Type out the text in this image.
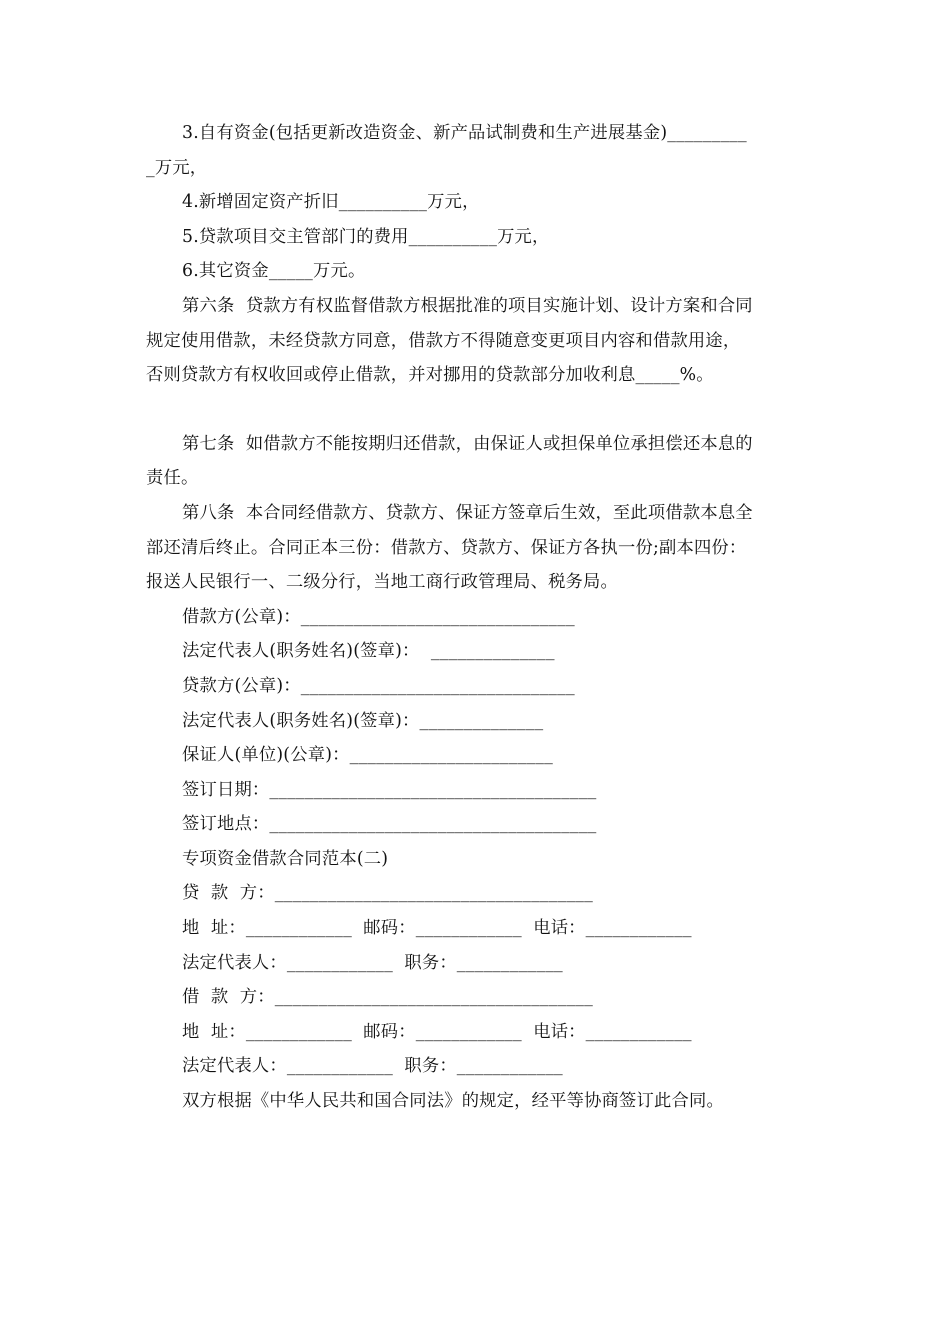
3.自有资金(包括更新改造资金、新产品试制费和生产进展基金)_________
_万元，
4.新增固定资产折旧__________万元，
5.贷款项目交主管部门的费用__________万元，
6.其它资金_____万元。
第六条  贷款方有权监督借款方根据批准的项目实施计划、设计方案和合同
规定使用借款，未经贷款方同意，借款方不得随意变更项目内容和借款用途，
否则贷款方有权收回或停止借款，并对挪用的贷款部分加收利息_____%。
第七条  如借款方不能按期归还借款，由保证人或担保单位承担偿还本息的
责任。
第八条  本合同经借款方、贷款方、保证方签章后生效，至此项借款本息全
部还清后终止。合同正本三份：借款方、贷款方、保证方各执一份;副本四份：
报送人民银行一、二级分行，当地工商行政管理局、税务局。
借款方(公章)：_______________________________
法定代表人(职务姓名)(签章)：  ______________
贷款方(公章)：_______________________________
法定代表人(职务姓名)(签章)：______________
保证人(单位)(公章)：_______________________
签订日期：_____________________________________
签订地点：_____________________________________
专项资金借款合同范本(二)
贷  款  方：____________________________________
地  址：____________  邮码：____________  电话：____________
法定代表人：____________  职务：____________
借  款  方：____________________________________
地  址：____________  邮码：____________  电话：____________
法定代表人：____________  职务：____________
双方根据《中华人民共和国合同法》的规定，经平等协商签订此合同。
